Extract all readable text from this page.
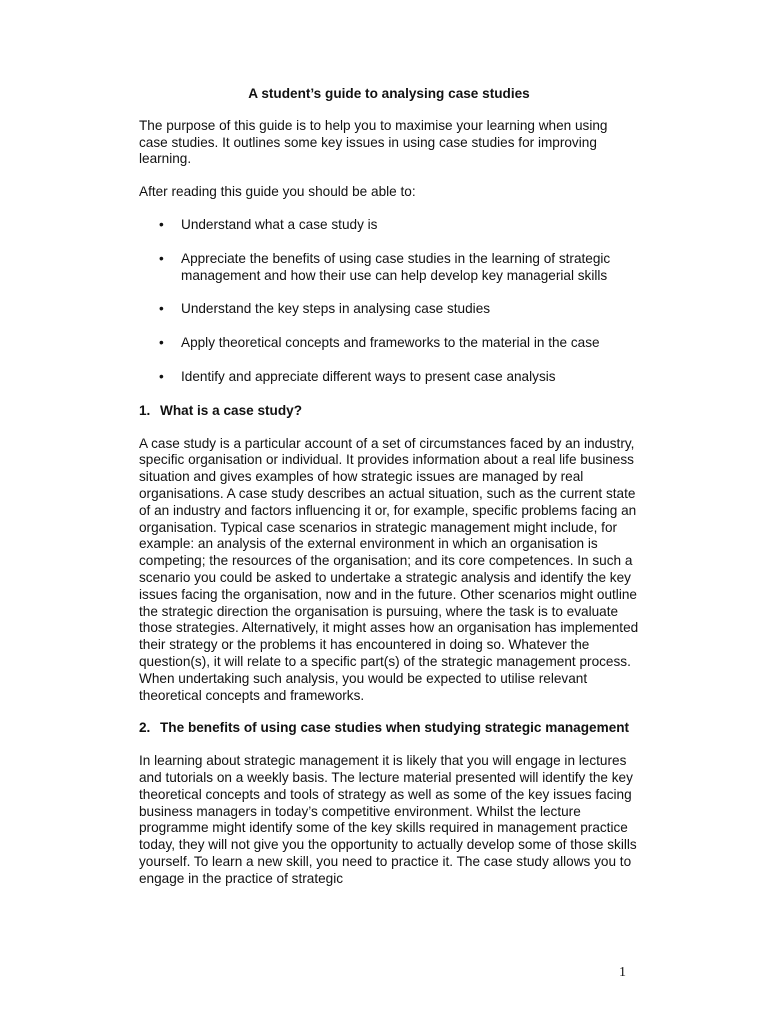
A student’s guide to analysing case studies

The purpose of this guide is to help you to maximise your learning when using case studies. It outlines some key issues in using case studies for improving learning.

After reading this guide you should be able to:

• Understand what a case study is
• Appreciate the benefits of using case studies in the learning of strategic management and how their use can help develop key managerial skills
• Understand the key steps in analysing case studies
• Apply theoretical concepts and frameworks to the material in the case
• Identify and appreciate different ways to present case analysis
1. What is a case study?

A case study is a particular account of a set of circumstances faced by an industry, specific organisation or individual. It provides information about a real life business situation and gives examples of how strategic issues are managed by real organisations. A case study describes an actual situation, such as the current state of an industry and factors influencing it or, for example, specific problems facing an organisation. Typical case scenarios in strategic management might include, for example: an analysis of the external environment in which an organisation is competing; the resources of the organisation; and its core competences. In such a scenario you could be asked to undertake a strategic analysis and identify the key issues facing the organisation, now and in the future. Other scenarios might outline the strategic direction the organisation is pursuing, where the task is to evaluate those strategies. Alternatively, it might asses how an organisation has implemented their strategy or the problems it has encountered in doing so. Whatever the question(s), it will relate to a specific part(s) of the strategic management process. When undertaking such analysis, you would be expected to utilise relevant theoretical concepts and frameworks.

2. The benefits of using case studies when studying strategic management

In learning about strategic management it is likely that you will engage in lectures and tutorials on a weekly basis. The lecture material presented will identify the key theoretical concepts and tools of strategy as well as some of the key issues facing business managers in today’s competitive environment. Whilst the lecture programme might identify some of the key skills required in management practice today, they will not give you the opportunity to actually develop some of those skills yourself. To learn a new skill, you need to practice it. The case study allows you to engage in the practice of strategic

1
